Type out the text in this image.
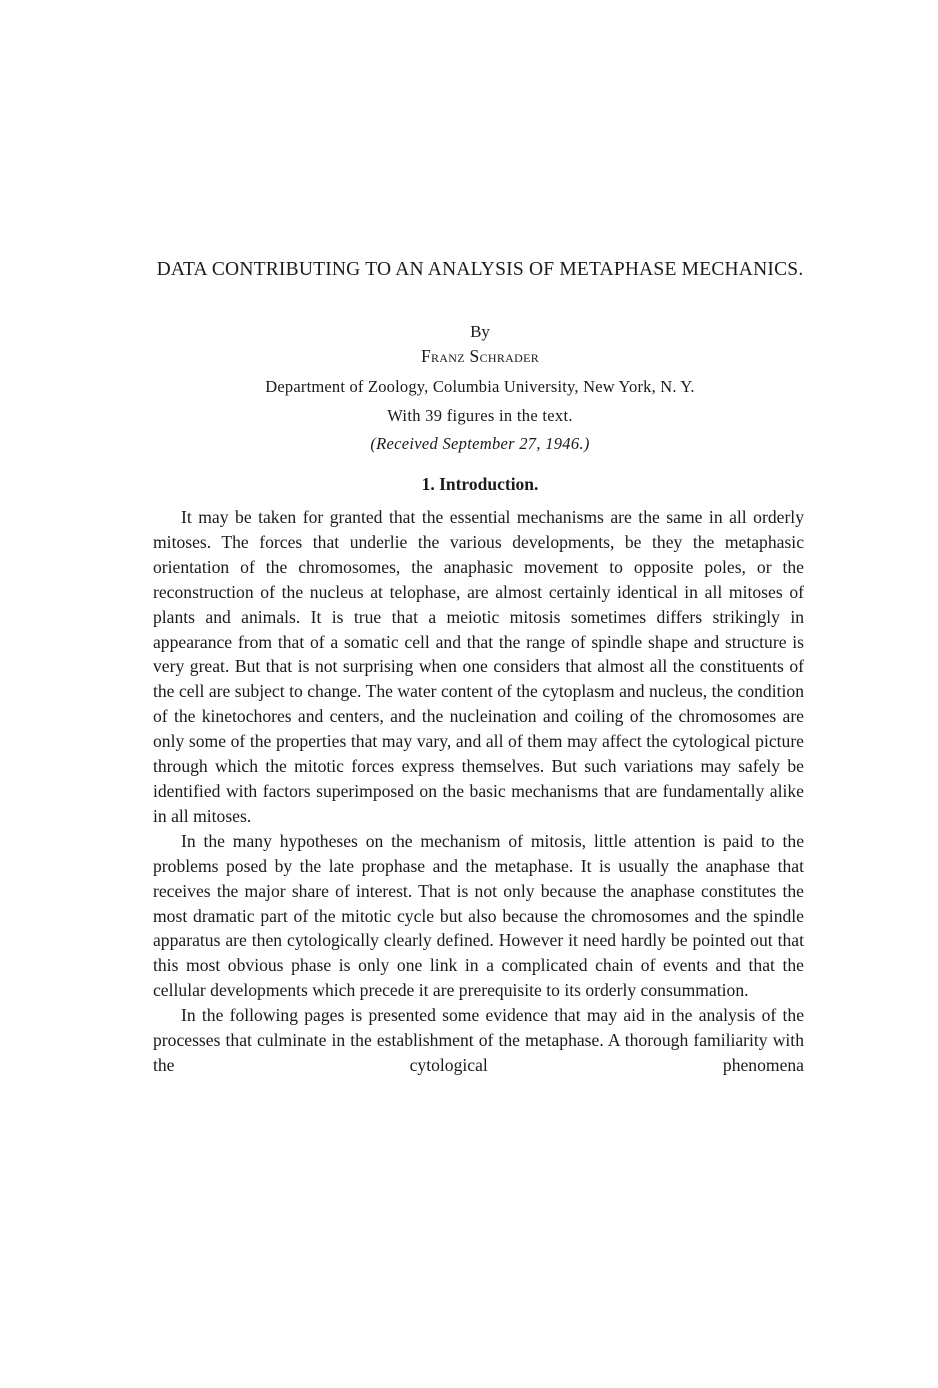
DATA CONTRIBUTING TO AN ANALYSIS OF METAPHASE MECHANICS.
By
Franz Schrader
Department of Zoology, Columbia University, New York, N. Y.
With 39 figures in the text.
(Received September 27, 1946.)
1. Introduction.

It may be taken for granted that the essential mechanisms are the same in all orderly mitoses. The forces that underlie the various developments, be they the metaphasic orientation of the chromosomes, the anaphasic movement to opposite poles, or the reconstruction of the nucleus at telophase, are almost certainly identical in all mitoses of plants and animals. It is true that a meiotic mitosis sometimes differs strikingly in appearance from that of a somatic cell and that the range of spindle shape and structure is very great. But that is not surprising when one considers that almost all the constituents of the cell are subject to change. The water content of the cytoplasm and nucleus, the condition of the kinetochores and centers, and the nucleination and coiling of the chromosomes are only some of the properties that may vary, and all of them may affect the cytological picture through which the mitotic forces express themselves. But such variations may safely be identified with factors superimposed on the basic mechanisms that are fundamentally alike in all mitoses.

In the many hypotheses on the mechanism of mitosis, little attention is paid to the problems posed by the late prophase and the metaphase. It is usually the anaphase that receives the major share of interest. That is not only because the anaphase constitutes the most dramatic part of the mitotic cycle but also because the chromosomes and the spindle apparatus are then cytologically clearly defined. However it need hardly be pointed out that this most obvious phase is only one link in a complicated chain of events and that the cellular developments which precede it are prerequisite to its orderly consummation.

In the following pages is presented some evidence that may aid in the analysis of the processes that culminate in the establishment of the metaphase. A thorough familiarity with the cytological phenomena
